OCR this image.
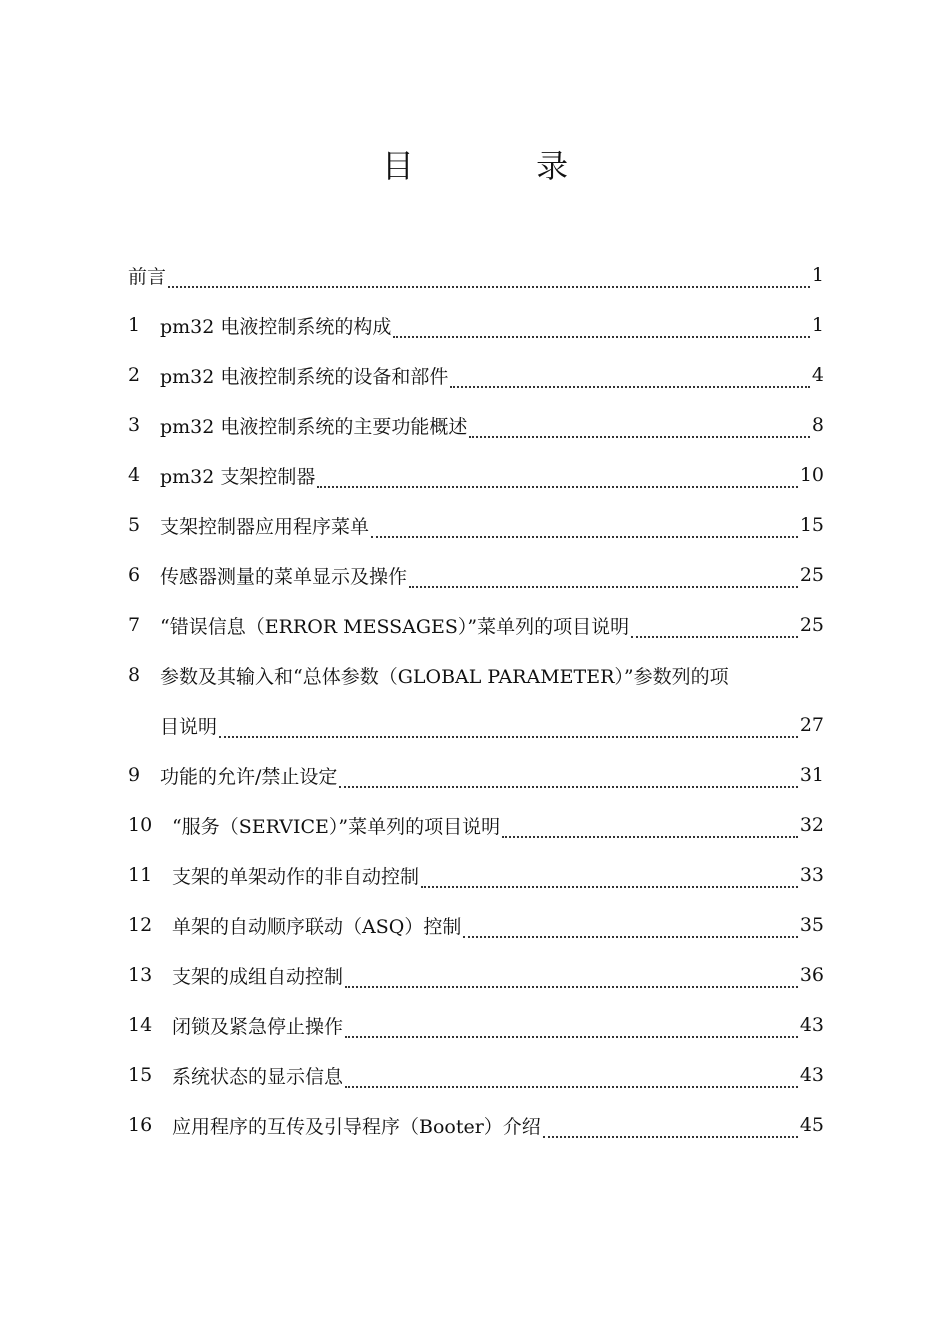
目 录
前言	1
1	pm32 电液控制系统的构成	1
2	pm32 电液控制系统的设备和部件	4
3	pm32 电液控制系统的主要功能概述	8
4	pm32 支架控制器	10
5	支架控制器应用程序菜单	15
6	传感器测量的菜单显示及操作	25
7	“错误信息（ERROR MESSAGES）”菜单列的项目说明	25
8	参数及其输入和“总体参数（GLOBAL PARAMETER）”参数列的项
目说明	27
9	功能的允许/禁止设定	31
10	“服务（SERVICE）”菜单列的项目说明	32
11	支架的单架动作的非自动控制	33
12	单架的自动顺序联动（ASQ）控制	35
13	支架的成组自动控制	36
14	闭锁及紧急停止操作	43
15	系统状态的显示信息	43
16	应用程序的互传及引导程序（Booter）介绍	45
